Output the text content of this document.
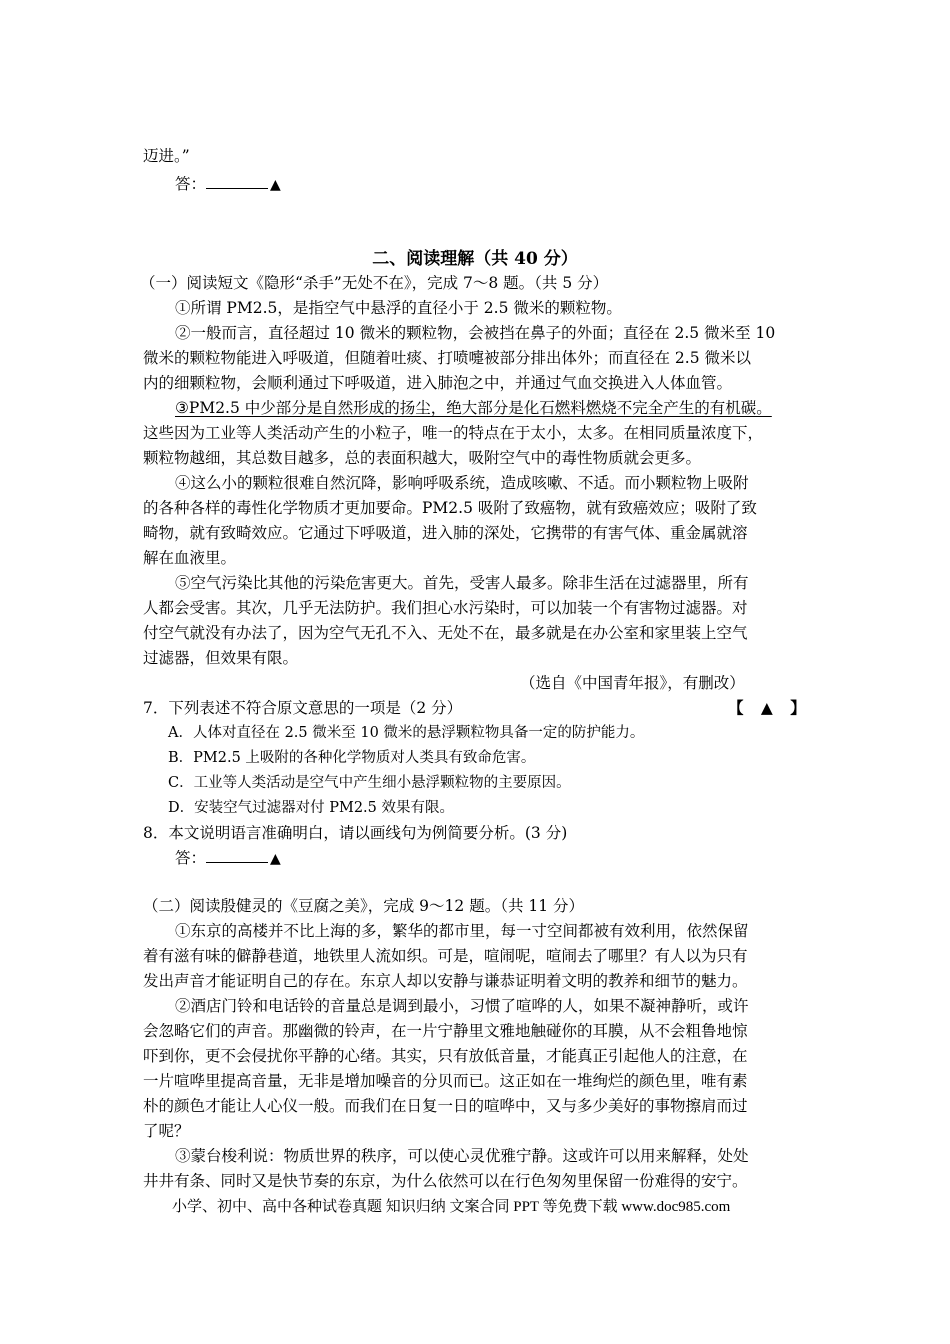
迈进。”
答：	▲
二、阅读理解（共 40 分）
（一）阅读短文《隐形“杀手”无处不在》，完成 7～8 题。（共 5 分）
①所谓 PM2.5，是指空气中悬浮的直径小于 2.5 微米的颗粒物。
②一般而言，直径超过 10 微米的颗粒物，会被挡在鼻子的外面；直径在 2.5 微米至 10
微米的颗粒物能进入呼吸道，但随着吐痰、打喷嚏被部分排出体外；而直径在 2.5 微米以
内的细颗粒物，会顺利通过下呼吸道，进入肺泡之中，并通过气血交换进入人体血管。
③PM2.5 中少部分是自然形成的扬尘，绝大部分是化石燃料燃烧不完全产生的有机碳。
这些因为工业等人类活动产生的小粒子，唯一的特点在于太小，太多。在相同质量浓度下，
颗粒物越细，其总数目越多，总的表面积越大，吸附空气中的毒性物质就会更多。
④这么小的颗粒很难自然沉降，影响呼吸系统，造成咳嗽、不适。而小颗粒物上吸附
的各种各样的毒性化学物质才更加要命。PM2.5 吸附了致癌物，就有致癌效应；吸附了致
畸物，就有致畸效应。它通过下呼吸道，进入肺的深处，它携带的有害气体、重金属就溶
解在血液里。
⑤空气污染比其他的污染危害更大。首先，受害人最多。除非生活在过滤器里，所有
人都会受害。其次，几乎无法防护。我们担心水污染时，可以加装一个有害物过滤器。对
付空气就没有办法了，因为空气无孔不入、无处不在，最多就是在办公室和家里装上空气
过滤器，但效果有限。
（选自《中国青年报》，有删改）
7．下列表述不符合原文意思的一项是（2 分）	【 ▲ 】
A．人体对直径在 2.5 微米至 10 微米的悬浮颗粒物具备一定的防护能力。
B．PM2.5 上吸附的各种化学物质对人类具有致命危害。
C．工业等人类活动是空气中产生细小悬浮颗粒物的主要原因。
D．安装空气过滤器对付 PM2.5 效果有限。
8．本文说明语言准确明白，请以画线句为例简要分析。(3 分)
答：	▲
（二）阅读殷健灵的《豆腐之美》，完成 9～12 题。（共 11 分）
①东京的高楼并不比上海的多，繁华的都市里，每一寸空间都被有效利用，依然保留
着有滋有味的僻静巷道，地铁里人流如织。可是，喧闹呢，喧闹去了哪里？有人以为只有
发出声音才能证明自己的存在。东京人却以安静与谦恭证明着文明的教养和细节的魅力。
②酒店门铃和电话铃的音量总是调到最小，习惯了喧哗的人，如果不凝神静听，或许
会忽略它们的声音。那幽微的铃声，在一片宁静里文雅地触碰你的耳膜，从不会粗鲁地惊
吓到你，更不会侵扰你平静的心绪。其实，只有放低音量，才能真正引起他人的注意，在
一片喧哗里提高音量，无非是增加噪音的分贝而已。这正如在一堆绚烂的颜色里，唯有素
朴的颜色才能让人心仪一般。而我们在日复一日的喧哗中，又与多少美好的事物擦肩而过
了呢？
③蒙台梭利说：物质世界的秩序，可以使心灵优雅宁静。这或许可以用来解释，处处
井井有条、同时又是快节奏的东京，为什么依然可以在行色匆匆里保留一份难得的安宁。
小学、初中、高中各种试卷真题 知识归纳 文案合同 PPT 等免费下载 www.doc985.com
